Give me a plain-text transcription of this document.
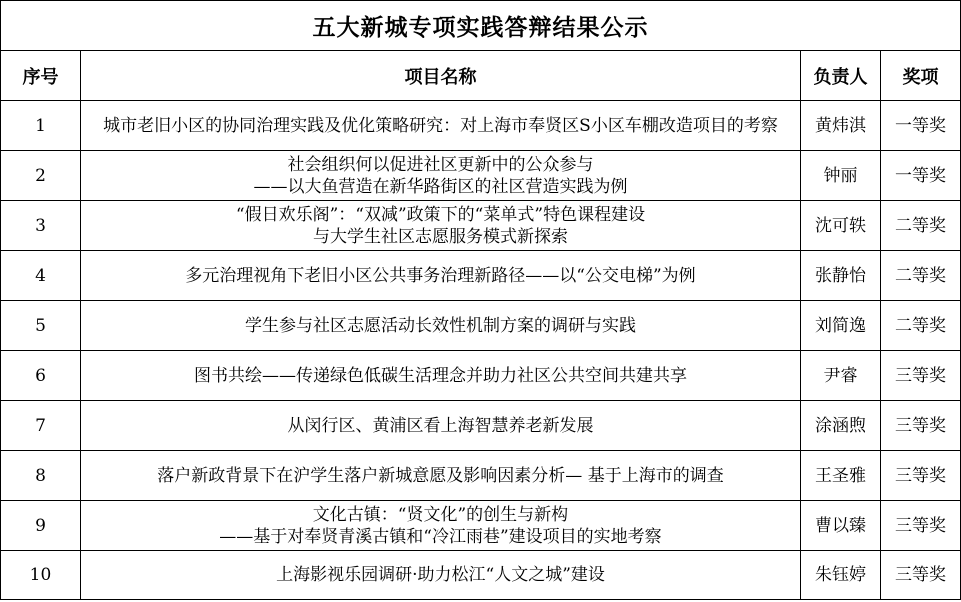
五大新城专项实践答辩结果公示			
序号	项目名称	负责人	奖项
1	城市老旧小区的协同治理实践及优化策略研究：对上海市奉贤区S小区车棚改造项目的考察	黄炜淇	一等奖
2	社会组织何以促进社区更新中的公众参与
——以大鱼营造在新华路街区的社区营造实践为例	钟丽	一等奖
3	“假日欢乐阁”：“双减”政策下的“菜单式”特色课程建设
与大学生社区志愿服务模式新探索	沈可轶	二等奖
4	多元治理视角下老旧小区公共事务治理新路径——以“公交电梯”为例	张静怡	二等奖
5	学生参与社区志愿活动长效性机制方案的调研与实践	刘简逸	二等奖
6	图书共绘——传递绿色低碳生活理念并助力社区公共空间共建共享	尹睿	三等奖
7	从闵行区、黄浦区看上海智慧养老新发展	涂涵煦	三等奖
8	落户新政背景下在沪学生落户新城意愿及影响因素分析— 基于上海市的调查	王圣雅	三等奖
9	文化古镇：“贤文化”的创生与新构
——基于对奉贤青溪古镇和“冷江雨巷”建设项目的实地考察	曹以臻	三等奖
10	上海影视乐园调研·助力松江“人文之城”建设	朱钰婷	三等奖
